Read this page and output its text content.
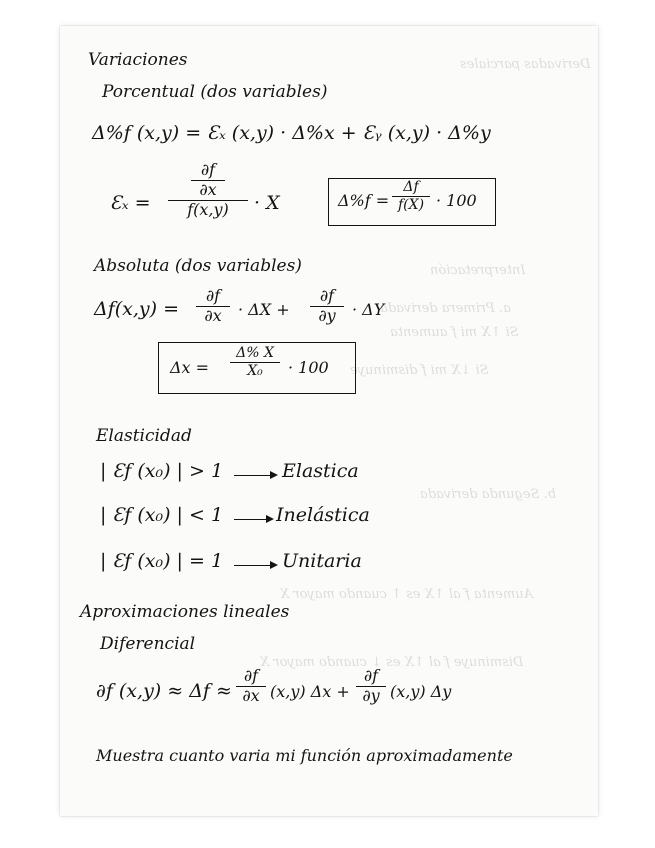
Derivadas parciales
Interpretación
a. Primera derivada
Si ↑X mi f aumenta
Si ↓X mi f disminuye
b. Segunda derivada
Aumenta f al ↑X es ↑ cuando mayor X
Disminuye f al ↑X es ↓ cuando mayor X
Variaciones
Porcentual (dos variables)
Δ%f (x,y) = Ɛₓ (x,y) · Δ%x + Ɛᵧ (x,y) · Δ%y
Ɛₓ =
$\frac{\partial f}{\partial x}$
f(x,y) · X	Δ%f =
Δf
f(X) · 100
Absoluta (dos variables)
Δf(x,y) =
∂f
∂x · ΔX +
∂f
∂y · ΔY
Δx =
Δ% X
X₀ · 100
Elasticidad
| Ɛf (x₀) | > 1	Elastica
| Ɛf (x₀) | < 1	Inelástica
| Ɛf (x₀) | = 1	Unitaria
Aproximaciones lineales
Diferencial
∂f (x,y) ≈ Δf ≈
∂f
∂x (x,y) Δx +
∂f
∂y (x,y) Δy
Muestra cuanto varia mi función aproximadamente
